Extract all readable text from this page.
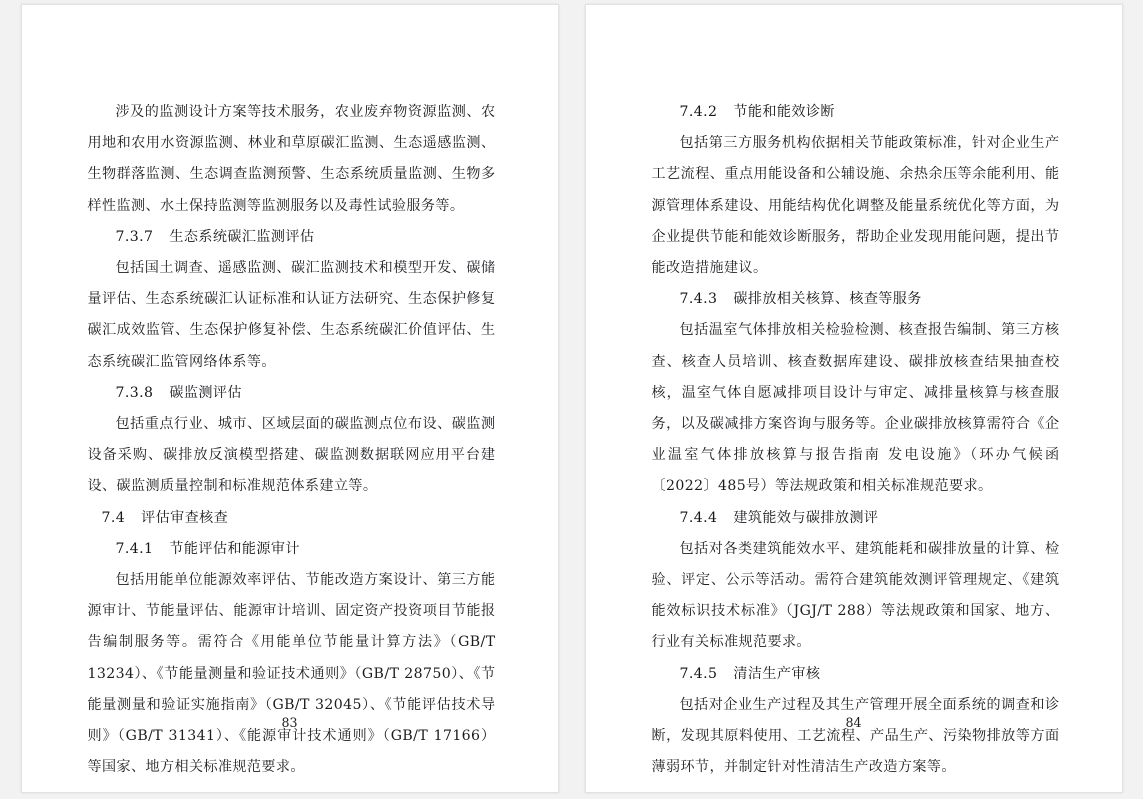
涉及的监测设计方案等技术服务，农业废弃物资源监测、农用地和农用水资源监测、林业和草原碳汇监测、生态遥感监测、生物群落监测、生态调查监测预警、生态系统质量监测、生物多样性监测、水土保持监测等监测服务以及毒性试验服务等。

7.3.7 生态系统碳汇监测评估

包括国土调查、遥感监测、碳汇监测技术和模型开发、碳储量评估、生态系统碳汇认证标准和认证方法研究、生态保护修复碳汇成效监管、生态保护修复补偿、生态系统碳汇价值评估、生态系统碳汇监管网络体系等。

7.3.8 碳监测评估

包括重点行业、城市、区域层面的碳监测点位布设、碳监测设备采购、碳排放反演模型搭建、碳监测数据联网应用平台建设、碳监测质量控制和标准规范体系建立等。

7.4 评估审查核查

7.4.1 节能评估和能源审计

包括用能单位能源效率评估、节能改造方案设计、第三方能源审计、节能量评估、能源审计培训、固定资产投资项目节能报告编制服务等。需符合《用能单位节能量计算方法》（GB/T 13234）、《节能量测量和验证技术通则》（GB/T 28750）、《节能量测量和验证实施指南》（GB/T 32045）、《节能评估技术导则》（GB/T 31341）、《能源审计技术通则》（GB/T 17166）等国家、地方相关标准规范要求。

83

7.4.2 节能和能效诊断

包括第三方服务机构依据相关节能政策标准，针对企业生产工艺流程、重点用能设备和公辅设施、余热余压等余能利用、能源管理体系建设、用能结构优化调整及能量系统优化等方面，为企业提供节能和能效诊断服务，帮助企业发现用能问题，提出节能改造措施建议。

7.4.3 碳排放相关核算、核查等服务

包括温室气体排放相关检验检测、核查报告编制、第三方核查、核查人员培训、核查数据库建设、碳排放核查结果抽查校核，温室气体自愿减排项目设计与审定、减排量核算与核查服务，以及碳减排方案咨询与服务等。企业碳排放核算需符合《企业温室气体排放核算与报告指南 发电设施》（环办气候函〔2022〕485号）等法规政策和相关标准规范要求。

7.4.4 建筑能效与碳排放测评

包括对各类建筑能效水平、建筑能耗和碳排放量的计算、检验、评定、公示等活动。需符合建筑能效测评管理规定、《建筑能效标识技术标准》（JGJ/T 288）等法规政策和国家、地方、行业有关标准规范要求。

7.4.5 清洁生产审核

包括对企业生产过程及其生产管理开展全面系统的调查和诊断，发现其原料使用、工艺流程、产品生产、污染物排放等方面薄弱环节，并制定针对性清洁生产改造方案等。

84
